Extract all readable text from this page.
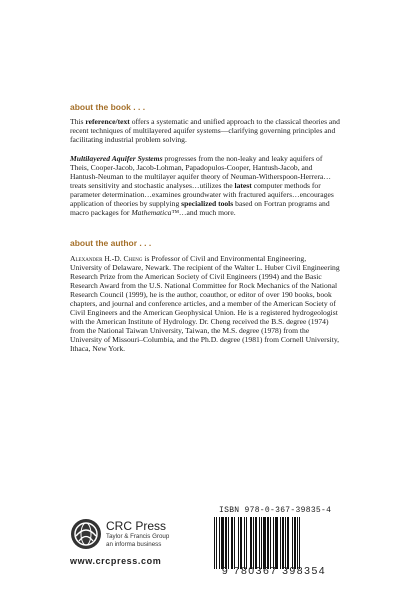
about the book . . .

This reference/text offers a systematic and unified approach to the classical theories and recent techniques of multilayered aquifer systems—clarifying governing principles and facilitating industrial problem solving.

Multilayered Aquifer Systems progresses from the non-leaky and leaky aquifers of Theis, Cooper-Jacob, Jacob-Lohman, Papadopulos-Cooper, Hantush-Jacob, and Hantush-Neuman to the multilayer aquifer theory of Neuman-Witherspoon-Herrera…treats sensitivity and stochastic analyses…utilizes the latest computer methods for parameter determination…examines groundwater with fractured aquifers…encourages application of theories by supplying specialized tools based on Fortran programs and macro packages for Mathematica™…and much more.

about the author . . .

Alexander H.-D. Cheng is Professor of Civil and Environmental Engineering, University of Delaware, Newark. The recipient of the Walter L. Huber Civil Engineering Research Prize from the American Society of Civil Engineers (1994) and the Basic Research Award from the U.S. National Committee for Rock Mechanics of the National Research Council (1999), he is the author, coauthor, or editor of over 190 books, book chapters, and journal and conference articles, and a member of the American Society of Civil Engineers and the American Geophysical Union. He is a registered hydrogeologist with the American Institute of Hydrology. Dr. Cheng received the B.S. degree (1974) from the National Taiwan University, Taiwan, the M.S. degree (1978) from the University of Missouri–Columbia, and the Ph.D. degree (1981) from Cornell University, Ithaca, New York.

ISBN 978-0-367-39835-4
CRC Press
Taylor & Francis Group
an informa business
www.crcpress.com
9 780367 398354
